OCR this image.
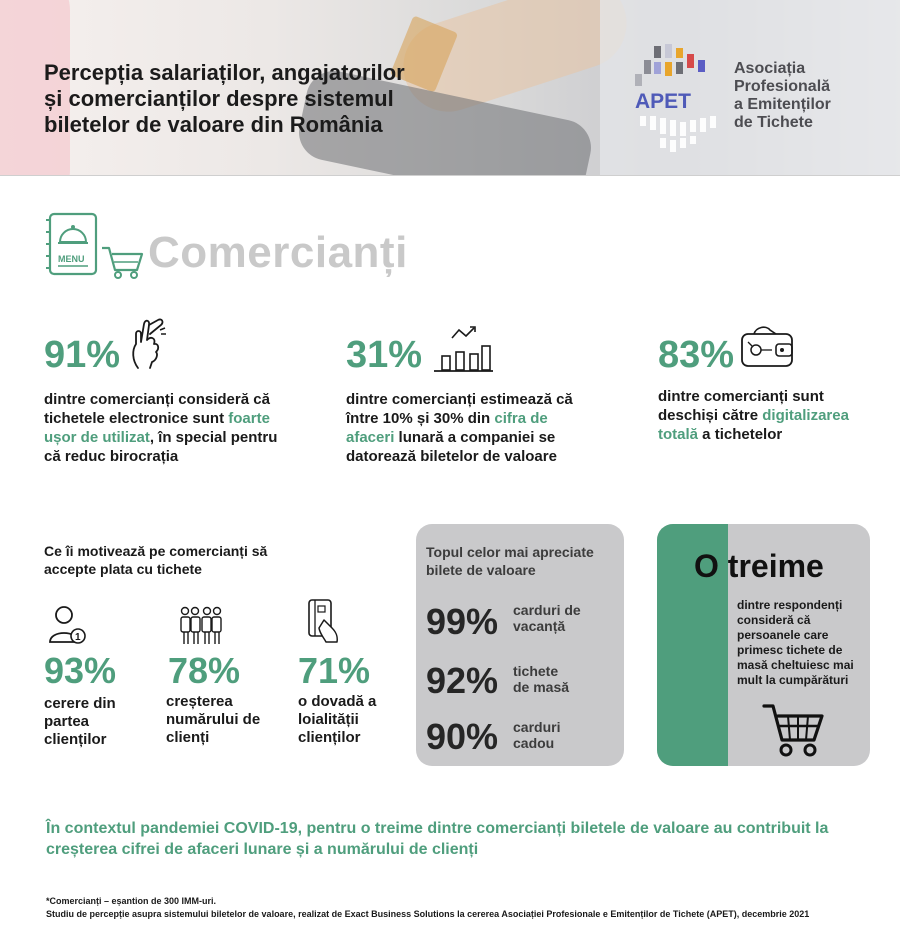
Percepția salariaților, angajatorilor
și comercianților despre sistemul
biletelor de valoare din România
APET
Asociația
Profesională
a Emitenților
de Tichete
MENU Comercianți
91%
dintre comercianți consideră că tichetele electronice sunt foarte ușor de utilizat, în special pentru că reduc birocrația
31%
dintre comercianți estimează că între 10% și 30% din cifra de afaceri lunară a companiei se datorează biletelor de valoare
83%
dintre comercianți sunt deschiși către digitalizarea totală a tichetelor
Ce îi motivează pe comercianți să accepte plata cu tichete
1
93%
cerere din partea clienților
78%
creșterea numărului de clienți
71%
o dovadă a loialității clienților
Topul celor mai apreciate bilete de valoare
99% carduri de
vacanță
92% tichete
de masă
90% carduri
cadou
O treime
dintre respondenți consideră că persoanele care primesc tichete de masă cheltuiesc mai mult la cumpărături
În contextul pandemiei COVID-19, pentru o treime dintre comercianți biletele de valoare au contribuit la creșterea cifrei de afaceri lunare și a numărului de clienți
*Comercianți – eșantion de 300 IMM-uri.
Studiu de percepție asupra sistemului biletelor de valoare, realizat de Exact Business Solutions la cererea Asociației Profesionale e Emitenților de Tichete (APET), decembrie 2021
